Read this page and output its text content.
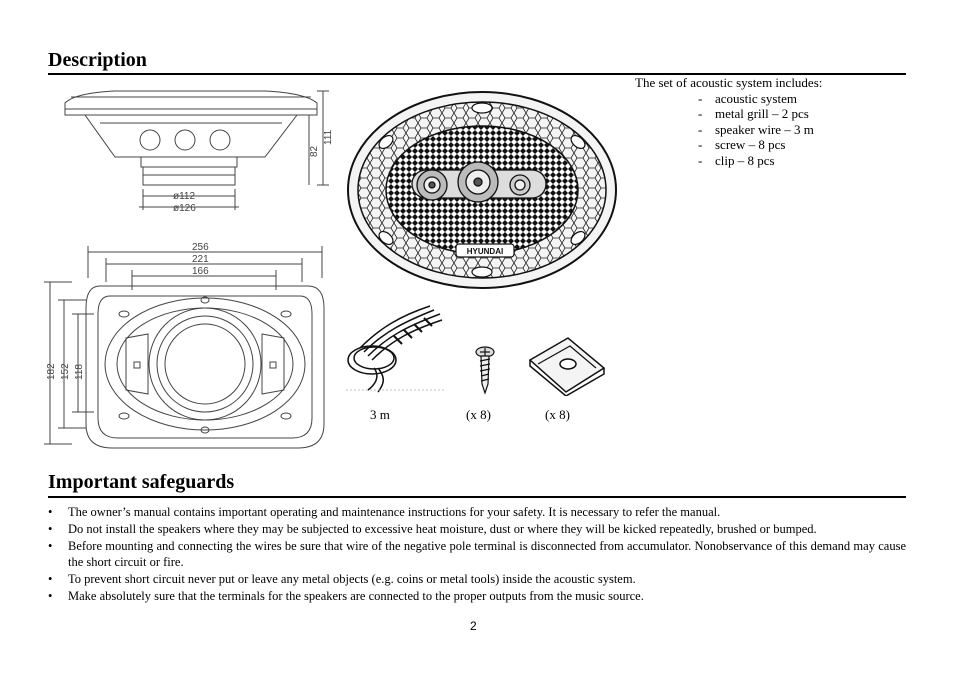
Description
ø112
ø126
82
111
256
221
166
182 152 118
HYUNDAI
3 m	(x 8)	(x 8)
The set of acoustic system includes:
- acoustic system
- metal grill – 2 pcs
- speaker wire – 3 m
- screw – 8 pcs
- clip – 8 pcs
Important safeguards
• The owner’s manual contains important operating and maintenance instructions for your safety. It is necessary to refer the manual.
• Do not install the speakers where they may be subjected to excessive heat moisture, dust or where they will be kicked repeatedly, brushed or bumped.
• Before mounting and connecting the wires be sure that wire of the negative pole terminal is disconnected from accumulator. Nonobservance of this demand may cause the short circuit or fire.
• To prevent short circuit never put or leave any metal objects (e.g. coins or metal tools) inside the acoustic system.
• Make absolutely sure that the terminals for the speakers are connected to the proper outputs from the music source.
2
